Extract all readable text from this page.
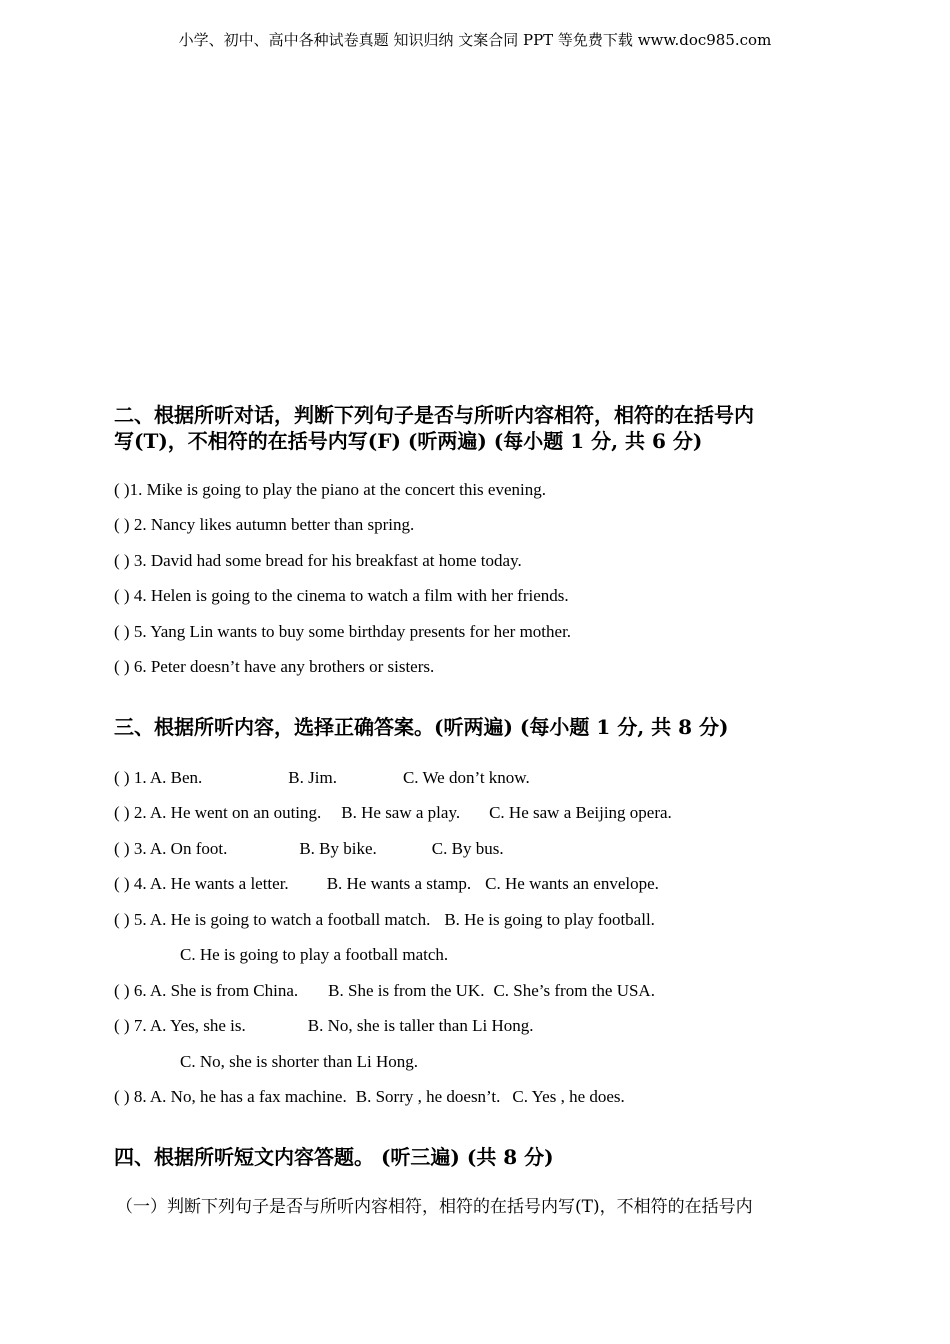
小学、初中、高中各种试卷真题 知识归纳 文案合同 PPT 等免费下载 www.doc985.com
二、根据所听对话，判断下列句子是否与所听内容相符，相符的在括号内
写(T)，不相符的在括号内写(F) (听两遍) (每小题 1 分, 共 6 分)
( )1. Mike is going to play the piano at the concert this evening.
( ) 2. Nancy likes autumn better than spring.
( ) 3. David had some bread for his breakfast at home today.
( ) 4. Helen is going to the cinema to watch a film with her friends.
( ) 5. Yang Lin wants to buy some birthday presents for her mother.
( ) 6. Peter doesn’t have any brothers or sisters.
三、根据所听内容，选择正确答案。(听两遍) (每小题 1 分, 共 8 分)
( ) 1. A. Ben.	B. Jim.	C. We don’t know.
( ) 2. A. He went on an outing. B. He saw a play. C. He saw a Beijing opera.
( ) 3. A. On foot.	B. By bike.	C. By bus.
( ) 4. A. He wants a letter. B. He wants a stamp. C. He wants an envelope.
( ) 5. A. He is going to watch a football match. B. He is going to play football.
C. He is going to play a football match.
( ) 6. A. She is from China. B. She is from the UK. C. She’s from the USA.
( ) 7. A. Yes, she is.	B. No, she is taller than Li Hong.
C. No, she is shorter than Li Hong.
( ) 8. A. No, he has a fax machine. B. Sorry , he doesn’t. C. Yes , he does.
四、根据所听短文内容答题。 (听三遍) (共 8 分)
（一）判断下列句子是否与所听内容相符，相符的在括号内写(T)，不相符的在括号内
